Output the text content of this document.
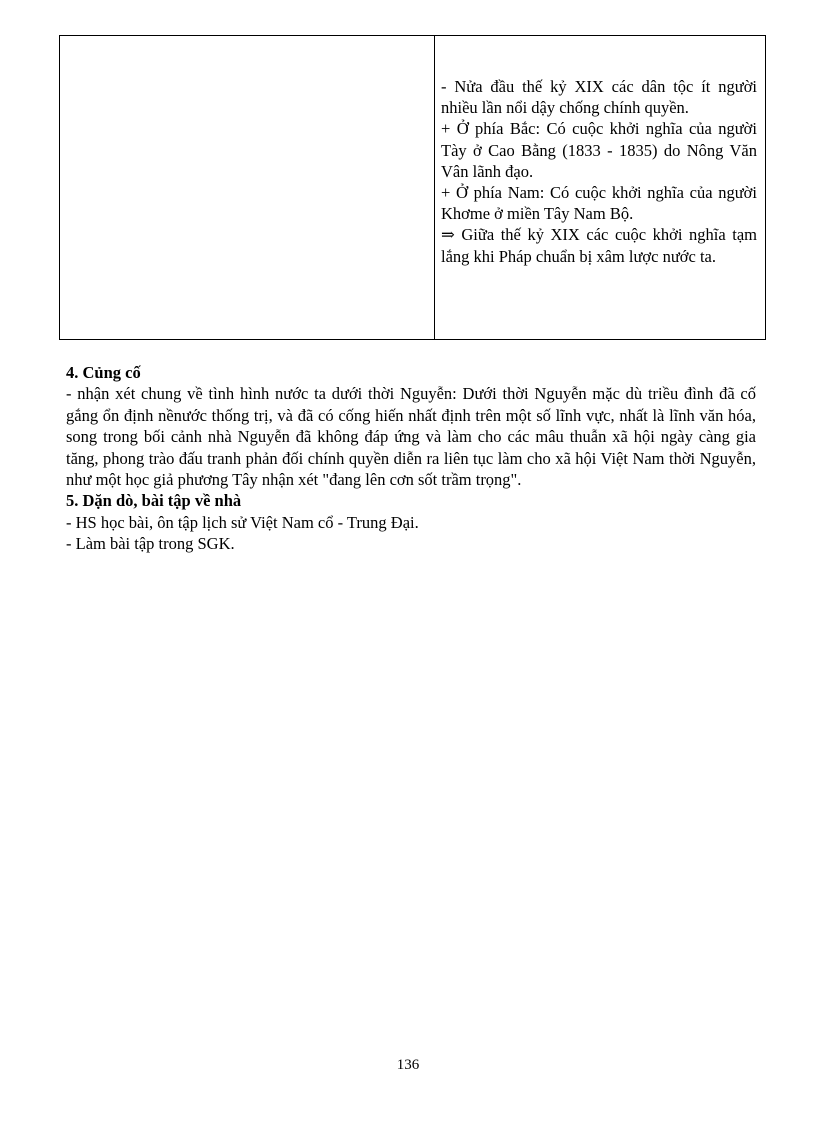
- Nửa đầu thế kỷ XIX các dân tộc ít người nhiều lần nổi dậy chống chính quyền.

+ Ở phía Bắc: Có cuộc khởi nghĩa của người Tày ở Cao Bằng (1833 - 1835) do Nông Văn Vân lãnh đạo.

+ Ở phía Nam: Có cuộc khởi nghĩa của người Khơme ở miền Tây Nam Bộ.

⇒ Giữa thế kỷ XIX các cuộc khởi nghĩa tạm lắng khi Pháp chuẩn bị xâm lược nước ta.

4. Củng cố

- nhận xét chung về tình hình nước ta dưới thời Nguyễn: Dưới thời Nguyễn mặc dù triều đình đã cố gắng ổn định nềnước thống trị, và đã có cống hiến nhất định trên một số lĩnh vực, nhất là lĩnh văn hóa, song trong bối cảnh nhà Nguyễn đã không đáp ứng và làm cho các mâu thuẫn xã hội ngày càng gia tăng, phong trào đấu tranh phản đối chính quyền diễn ra liên tục làm cho xã hội Việt Nam thời Nguyễn, như một học giả phương Tây nhận xét "đang lên cơn sốt trầm trọng".

5. Dặn dò, bài tập về nhà

- HS học bài, ôn tập lịch sử Việt Nam cổ - Trung Đại.

- Làm bài tập trong SGK.

136
